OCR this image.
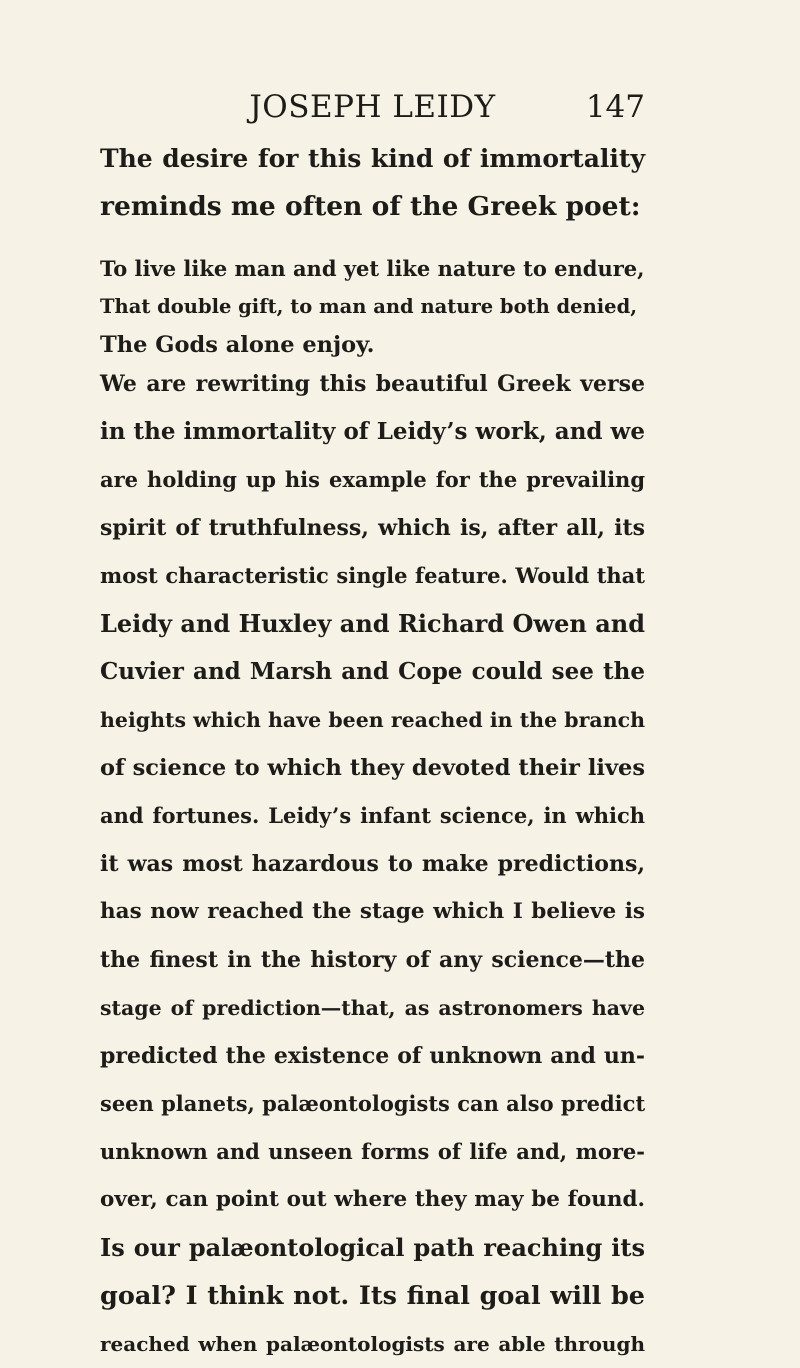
JOSEPH LEIDY	147
The desire for this kind of immortality
reminds me often of the Greek poet:
To live like man and yet like nature to endure,
That double gift, to man and nature both denied,
The Gods alone enjoy.
We are rewriting this beautiful Greek verse
in the immortality of Leidy’s work, and we
are holding up his example for the prevailing
spirit of truthfulness, which is, after all, its
most characteristic single feature. Would that
Leidy and Huxley and Richard Owen and
Cuvier and Marsh and Cope could see the
heights which have been reached in the branch
of science to which they devoted their lives
and fortunes. Leidy’s infant science, in which
it was most hazardous to make predictions,
has now reached the stage which I believe is
the finest in the history of any science—the
stage of prediction—that, as astronomers have
predicted the existence of unknown and un-
seen planets, palæontologists can also predict
unknown and unseen forms of life and, more-
over, can point out where they may be found.
Is our palæontological path reaching its
goal? I think not. Its final goal will be
reached when palæontologists are able through
